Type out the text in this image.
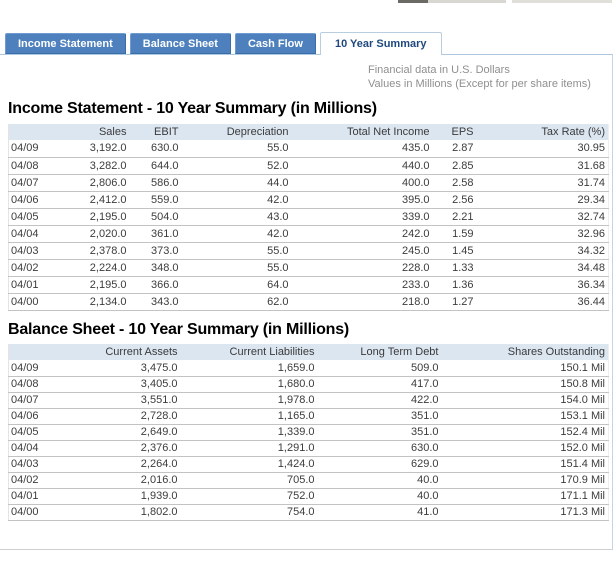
Income Statement	Balance Sheet	Cash Flow	10 Year Summary
Financial data in U.S. Dollars
Values in Millions (Except for per share items)
Income Statement - 10 Year Summary (in Millions)
	Sales	EBIT	Depreciation	Total Net Income	EPS	Tax Rate (%)
04/09	3,192.0	630.0	55.0	435.0	2.87	30.95
04/08	3,282.0	644.0	52.0	440.0	2.85	31.68
04/07	2,806.0	586.0	44.0	400.0	2.58	31.74
04/06	2,412.0	559.0	42.0	395.0	2.56	29.34
04/05	2,195.0	504.0	43.0	339.0	2.21	32.74
04/04	2,020.0	361.0	42.0	242.0	1.59	32.96
04/03	2,378.0	373.0	55.0	245.0	1.45	34.32
04/02	2,224.0	348.0	55.0	228.0	1.33	34.48
04/01	2,195.0	366.0	64.0	233.0	1.36	36.34
04/00	2,134.0	343.0	62.0	218.0	1.27	36.44
Balance Sheet - 10 Year Summary (in Millions)
	Current Assets	Current Liabilities	Long Term Debt	Shares Outstanding
04/09	3,475.0	1,659.0	509.0	150.1 Mil
04/08	3,405.0	1,680.0	417.0	150.8 Mil
04/07	3,551.0	1,978.0	422.0	154.0 Mil
04/06	2,728.0	1,165.0	351.0	153.1 Mil
04/05	2,649.0	1,339.0	351.0	152.4 Mil
04/04	2,376.0	1,291.0	630.0	152.0 Mil
04/03	2,264.0	1,424.0	629.0	151.4 Mil
04/02	2,016.0	705.0	40.0	170.9 Mil
04/01	1,939.0	752.0	40.0	171.1 Mil
04/00	1,802.0	754.0	41.0	171.3 Mil
